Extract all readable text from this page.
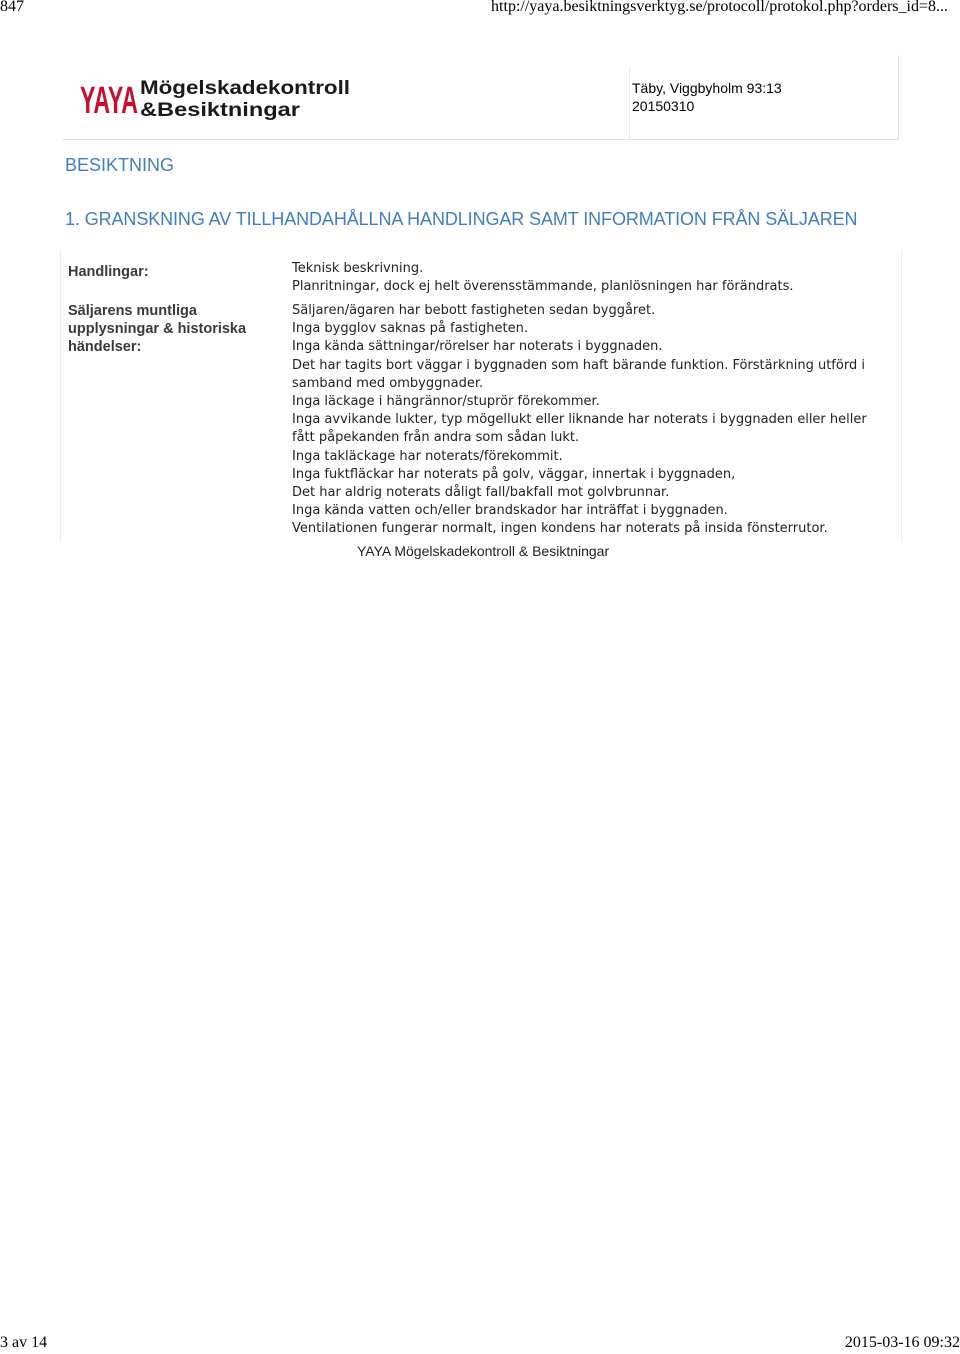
847	http://yaya.besiktningsverktyg.se/protocoll/protokol.php?orders_id=8...
YAYA Mögelskadekontroll
&Besiktningar
Täby, Viggbyholm 93:13
20150310
BESIKTNING
1. GRANSKNING AV TILLHANDAHÅLLNA HANDLINGAR SAMT INFORMATION FRÅN SÄLJAREN
Handlingar:	Teknisk beskrivning.
Planritningar, dock ej helt överensstämmande, planlösningen har förändrats.
Säljarens muntliga upplysningar & historiska händelser:
Säljaren/ägaren har bebott fastigheten sedan byggåret.
Inga bygglov saknas på fastigheten.
Inga kända sättningar/rörelser har noterats i byggnaden.
Det har tagits bort väggar i byggnaden som haft bärande funktion. Förstärkning utförd i samband med ombyggnader.
Inga läckage i hängrännor/stuprör förekommer.
Inga avvikande lukter, typ mögellukt eller liknande har noterats i byggnaden eller heller fått påpekanden från andra som sådan lukt.
Inga takläckage har noterats/förekommit.
Inga fuktfläckar har noterats på golv, väggar, innertak i byggnaden,
Det har aldrig noterats dåligt fall/bakfall mot golvbrunnar.
Inga kända vatten och/eller brandskador har inträffat i byggnaden.
Ventilationen fungerar normalt, ingen kondens har noterats på insida fönsterrutor.
YAYA Mögelskadekontroll & Besiktningar
3 av 14	2015-03-16 09:32
